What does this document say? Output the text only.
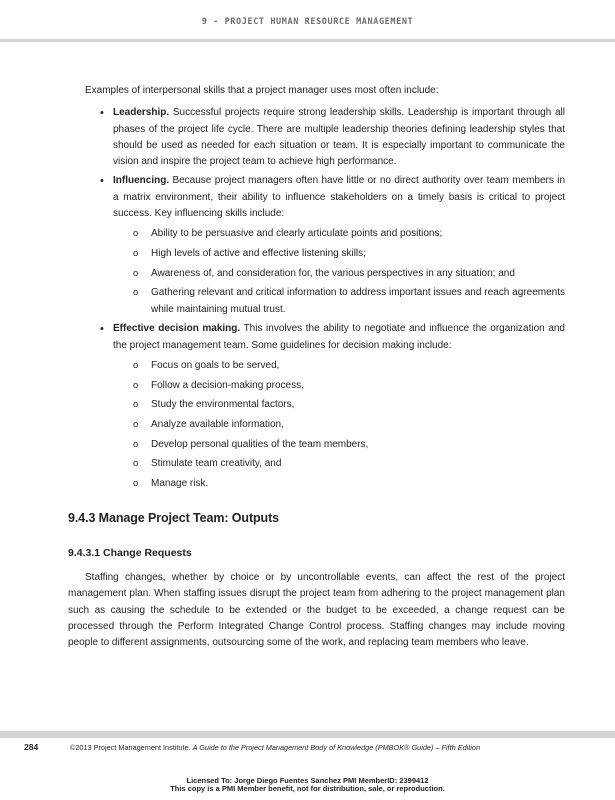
9 - PROJECT HUMAN RESOURCE MANAGEMENT

Examples of interpersonal skills that a project manager uses most often include:

• Leadership. Successful projects require strong leadership skills. Leadership is important through all phases of the project life cycle. There are multiple leadership theories defining leadership styles that should be used as needed for each situation or team. It is especially important to communicate the vision and inspire the project team to achieve high performance.
• Influencing. Because project managers often have little or no direct authority over team members in a matrix environment, their ability to influence stakeholders on a timely basis is critical to project success. Key influencing skills include:
o Ability to be persuasive and clearly articulate points and positions;
o High levels of active and effective listening skills;
o Awareness of, and consideration for, the various perspectives in any situation; and
o Gathering relevant and critical information to address important issues and reach agreements while maintaining mutual trust.
• Effective decision making. This involves the ability to negotiate and influence the organization and the project management team. Some guidelines for decision making include:
o Focus on goals to be served,
o Follow a decision-making process,
o Study the environmental factors,
o Analyze available information,
o Develop personal qualities of the team members,
o Stimulate team creativity, and
o Manage risk.
9.4.3 Manage Project Team: Outputs
9.4.3.1 Change Requests

Staffing changes, whether by choice or by uncontrollable events, can affect the rest of the project management plan. When staffing issues disrupt the project team from adhering to the project management plan such as causing the schedule to be extended or the budget to be exceeded, a change request can be processed through the Perform Integrated Change Control process. Staffing changes may include moving people to different assignments, outsourcing some of the work, and replacing team members who leave.

284	©2013 Project Management Institute. A Guide to the Project Management Body of Knowledge (PMBOK® Guide) – Fifth Edition
Licensed To: Jorge Diego Fuentes Sanchez PMI MemberID: 2399412
This copy is a PMI Member benefit, not for distribution, sale, or reproduction.
